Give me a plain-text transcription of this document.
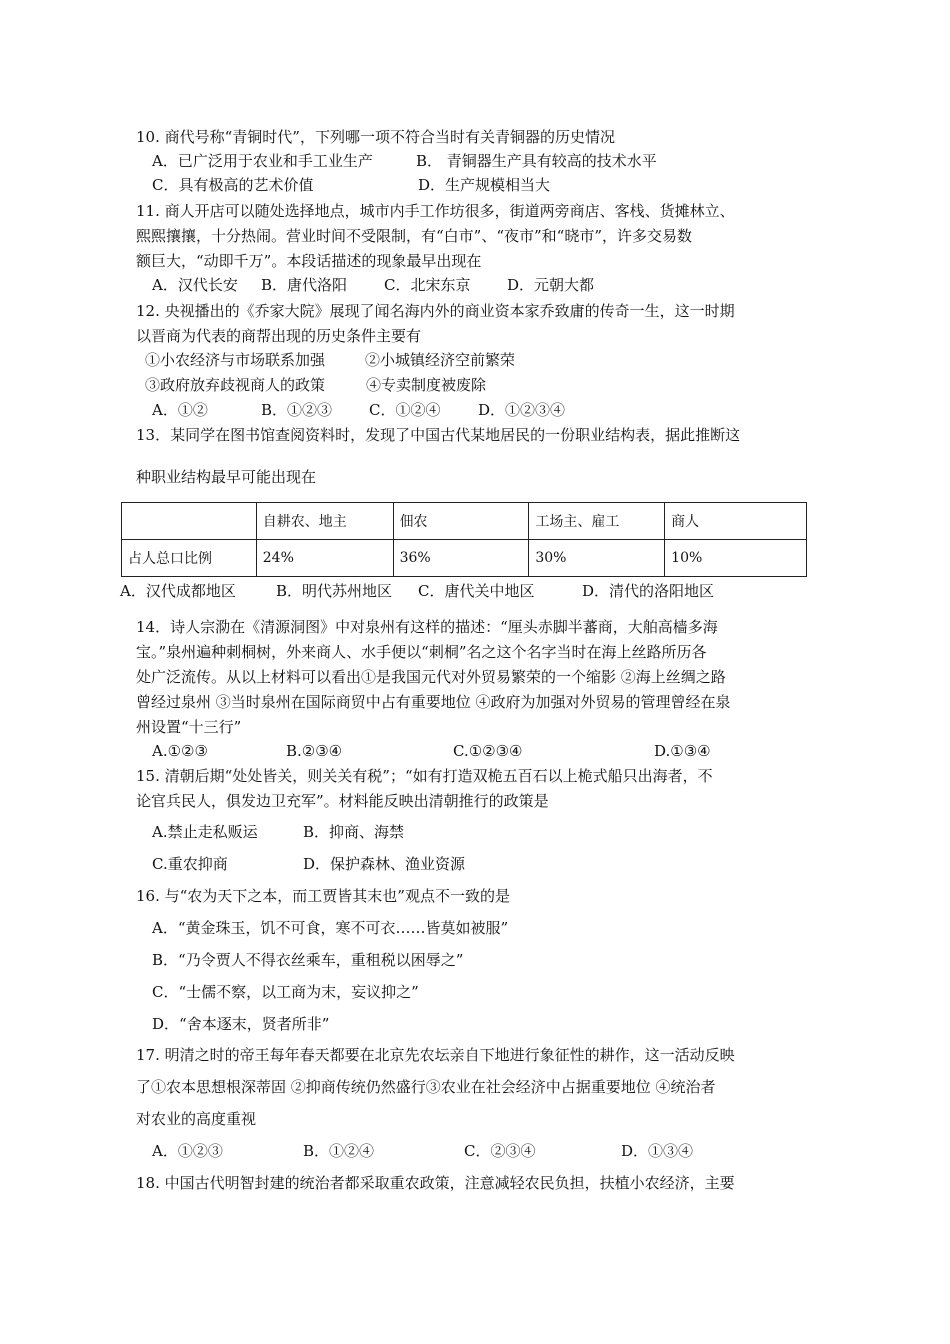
10. 商代号称“青铜时代”，下列哪一项不符合当时有关青铜器的历史情况
A．已广泛用于农业和手工业生产	B． 青铜器生产具有较高的技术水平
C．具有极高的艺术价值	D．生产规模相当大
11. 商人开店可以随处选择地点，城市内手工作坊很多，街道两旁商店、客栈、货摊林立、
熙熙攘攘，十分热闹。营业时间不受限制，有“白市”、“夜市”和“晓市”，许多交易数
额巨大，“动即千万”。本段话描述的现象最早出现在
A．汉代长安 B．唐代洛阳 C．北宋东京 D．元朝大都
12. 央视播出的《乔家大院》展现了闻名海内外的商业资本家乔致庸的传奇一生，这一时期
以晋商为代表的商帮出现的历史条件主要有
①小农经济与市场联系加强	②小城镇经济空前繁荣
③政府放弃歧视商人的政策	④专卖制度被废除
A．①②	B．①②③ C．①②④	D．①②③④
13．某同学在图书馆查阅资料时，发现了中国古代某地居民的一份职业结构表，据此推断这
种职业结构最早可能出现在
	自耕农、地主	佃农	工场主、雇工	商人
占人总口比例	24%	36%	30%	10%
A．汉代成都地区	B．明代苏州地区 C．唐代关中地区	D．清代的洛阳地区
14．诗人宗泐在《清源洞图》中对泉州有这样的描述：“厘头赤脚半蕃商，大舶高樯多海
宝。”泉州遍种刺桐树，外来商人、水手便以“刺桐”名之这个名字当时在海上丝路所历各
处广泛流传。从以上材料可以看出①是我国元代对外贸易繁荣的一个缩影 ②海上丝绸之路
曾经过泉州 ③当时泉州在国际商贸中占有重要地位 ④政府为加强对外贸易的管理曾经在泉
州设置“十三行”
A.①②③	B.②③④	C.①②③④	D.①③④
15. 清朝后期“处处皆关，则关关有税”；“如有打造双桅五百石以上桅式船只出海者，不
论官兵民人，俱发边卫充军”。材料能反映出清朝推行的政策是
A.禁止走私贩运	B．抑商、海禁
C.重农抑商	D．保护森林、渔业资源
16. 与“农为天下之本，而工贾皆其末也”观点不一致的是
A．“黄金珠玉，饥不可食，寒不可衣……皆莫如被服”
B．“乃令贾人不得衣丝乘车，重租税以困辱之”
C．“士儒不察，以工商为末，妄议抑之”
D．“舍本逐末，贤者所非”
17. 明清之时的帝王每年春天都要在北京先农坛亲自下地进行象征性的耕作，这一活动反映
了①农本思想根深蒂固 ②抑商传统仍然盛行③农业在社会经济中占据重要地位 ④统治者
对农业的高度重视
A．①②③	B．①②④	C．②③④	D．①③④
18. 中国古代明智封建的统治者都采取重农政策，注意减轻农民负担，扶植小农经济，主要
